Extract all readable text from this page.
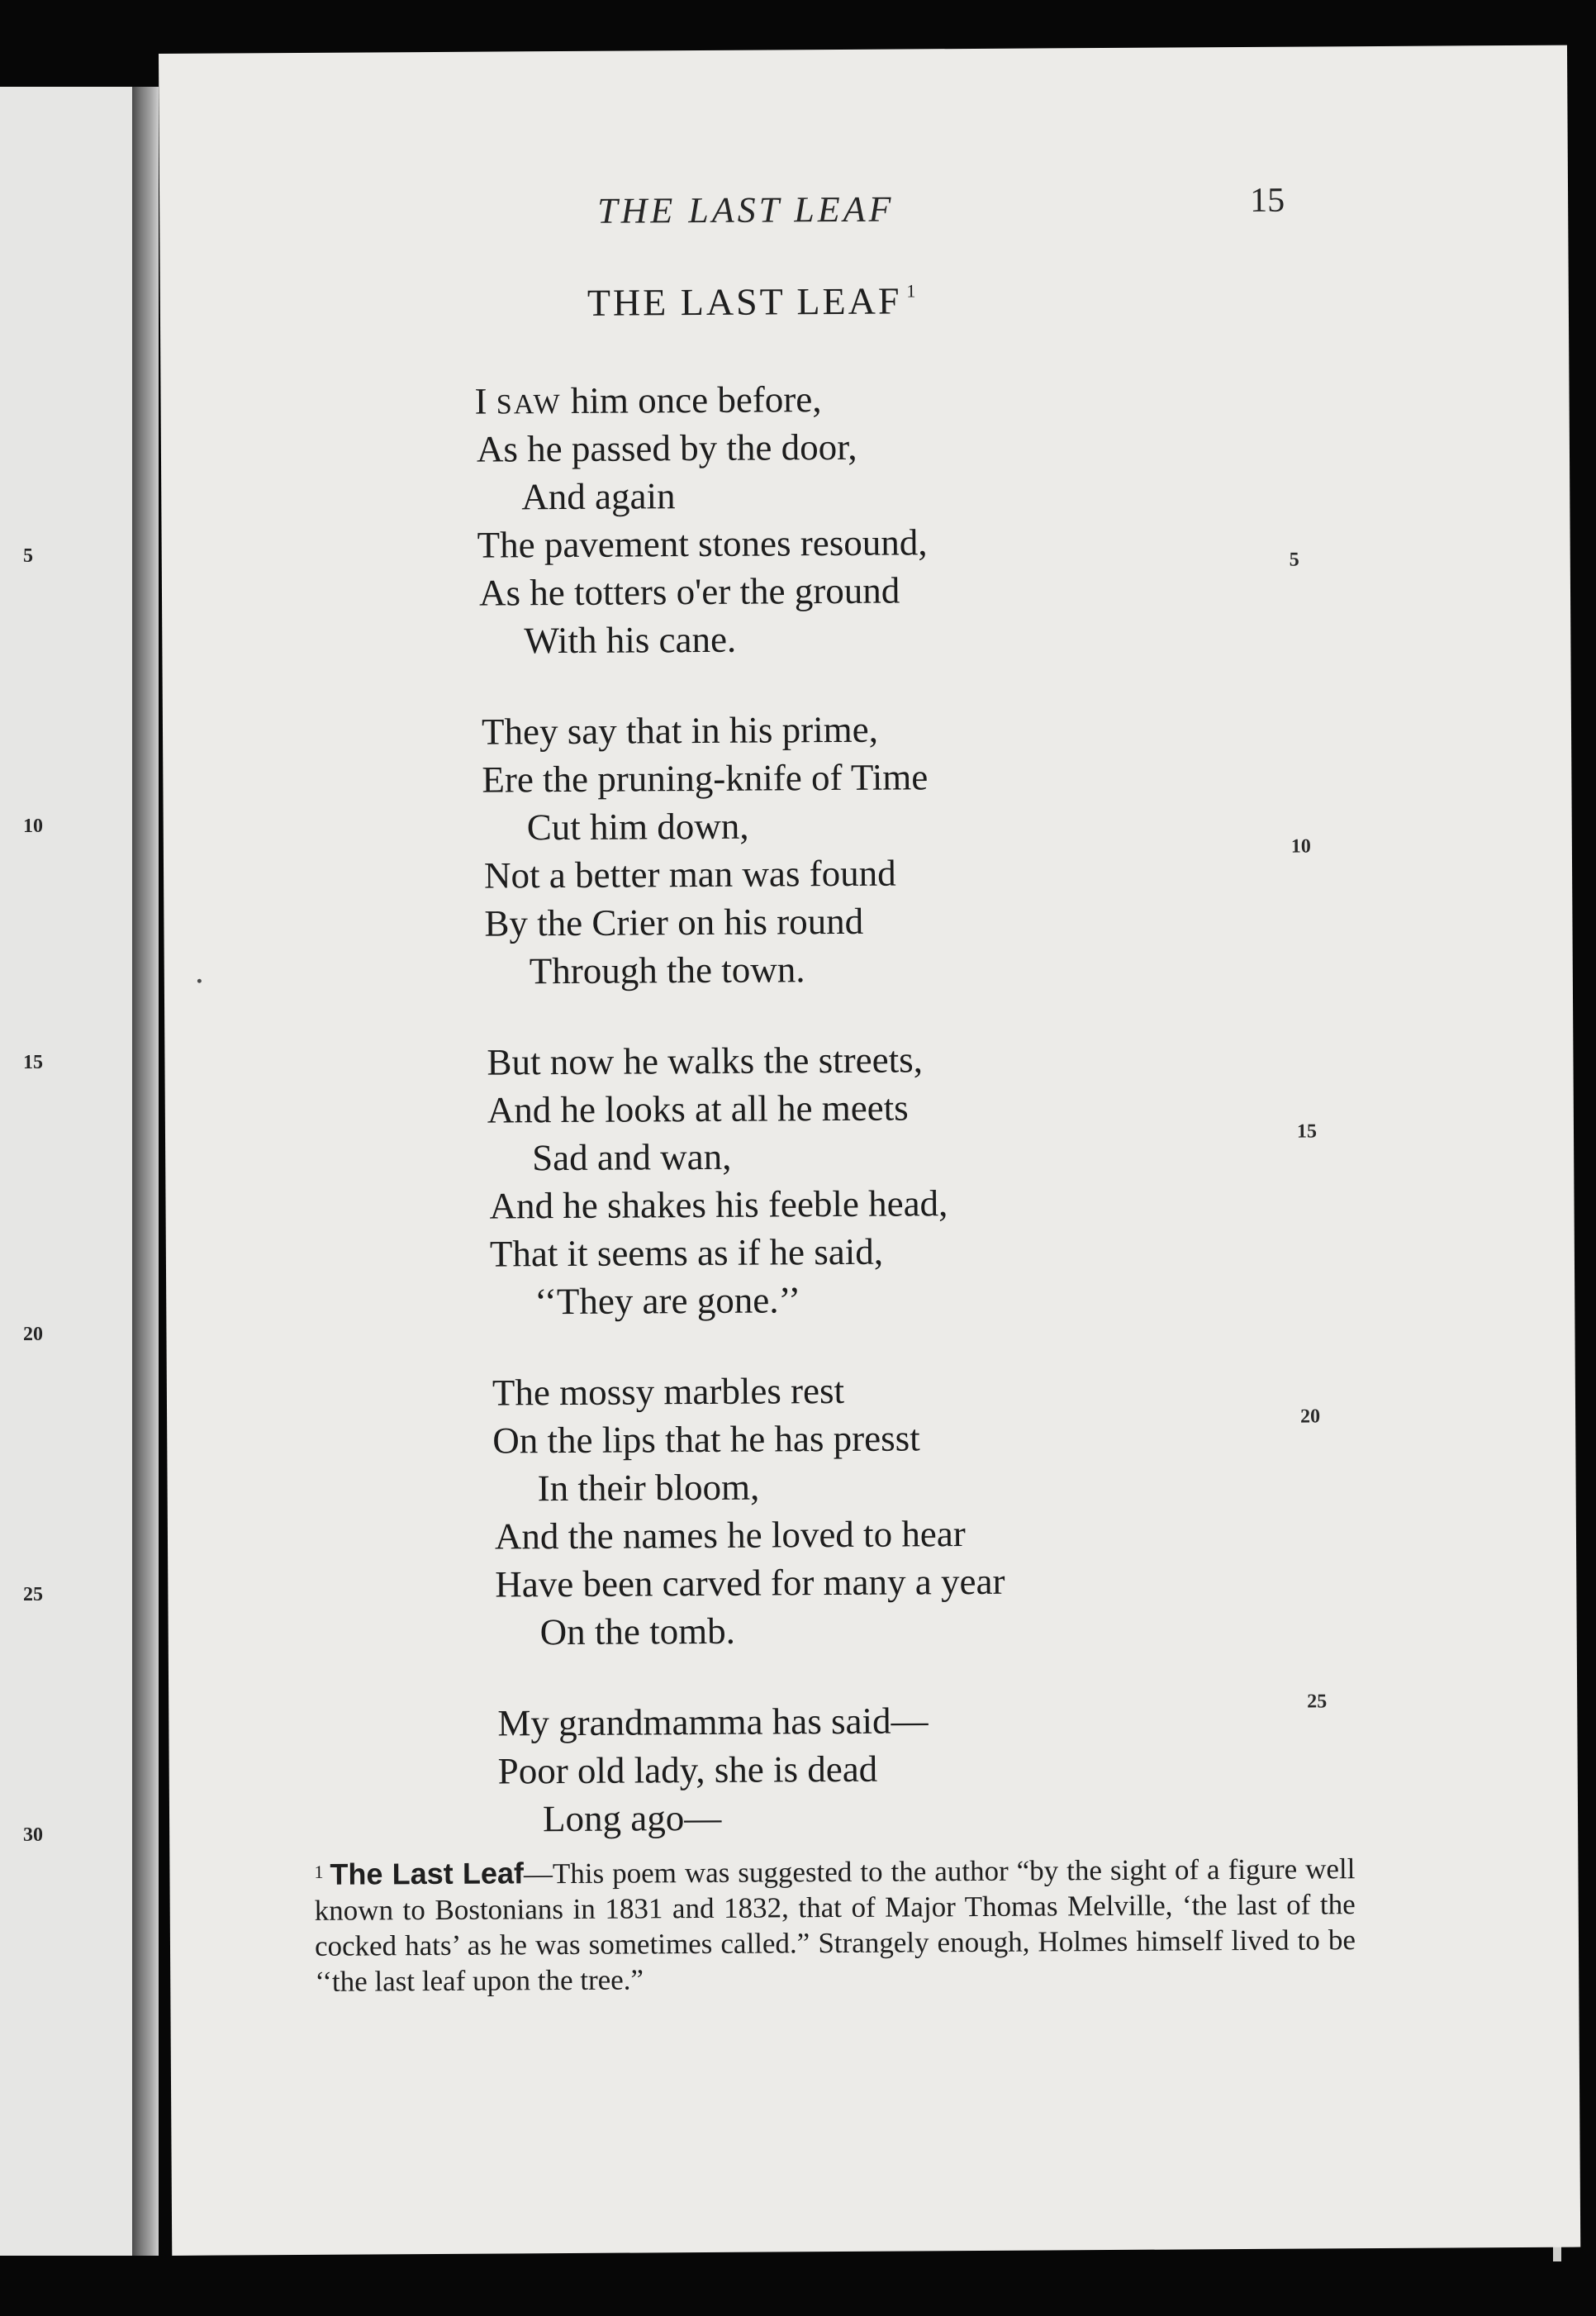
5
10
15
20
25
30
THE LAST LEAF	15
THE LAST LEAF $^1$
I SAW him once before,
As he passed by the door,
And again
The pavement stones resound,
As he totters o'er the ground
With his cane.
They say that in his prime,
Ere the pruning-knife of Time
Cut him down,
Not a better man was found
By the Crier on his round
Through the town.
But now he walks the streets,
And he looks at all he meets
Sad and wan,
And he shakes his feeble head,
That it seems as if he said,
‘‘They are gone.’’
The mossy marbles rest
On the lips that he has presst
In their bloom,
And the names he loved to hear
Have been carved for many a year
On the tomb.
My grandmamma has said—
Poor old lady, she is dead
Long ago—
5
10
15
20
25
$^1$ The Last Leaf—This poem was suggested to the author “by the sight of a figure well known to Bostonians in 1831 and 1832, that of Major Thomas Melville, ‘the last of the cocked hats’ as he was sometimes called.” Strangely enough, Holmes himself lived to be ‘‘the last leaf upon the tree.”
